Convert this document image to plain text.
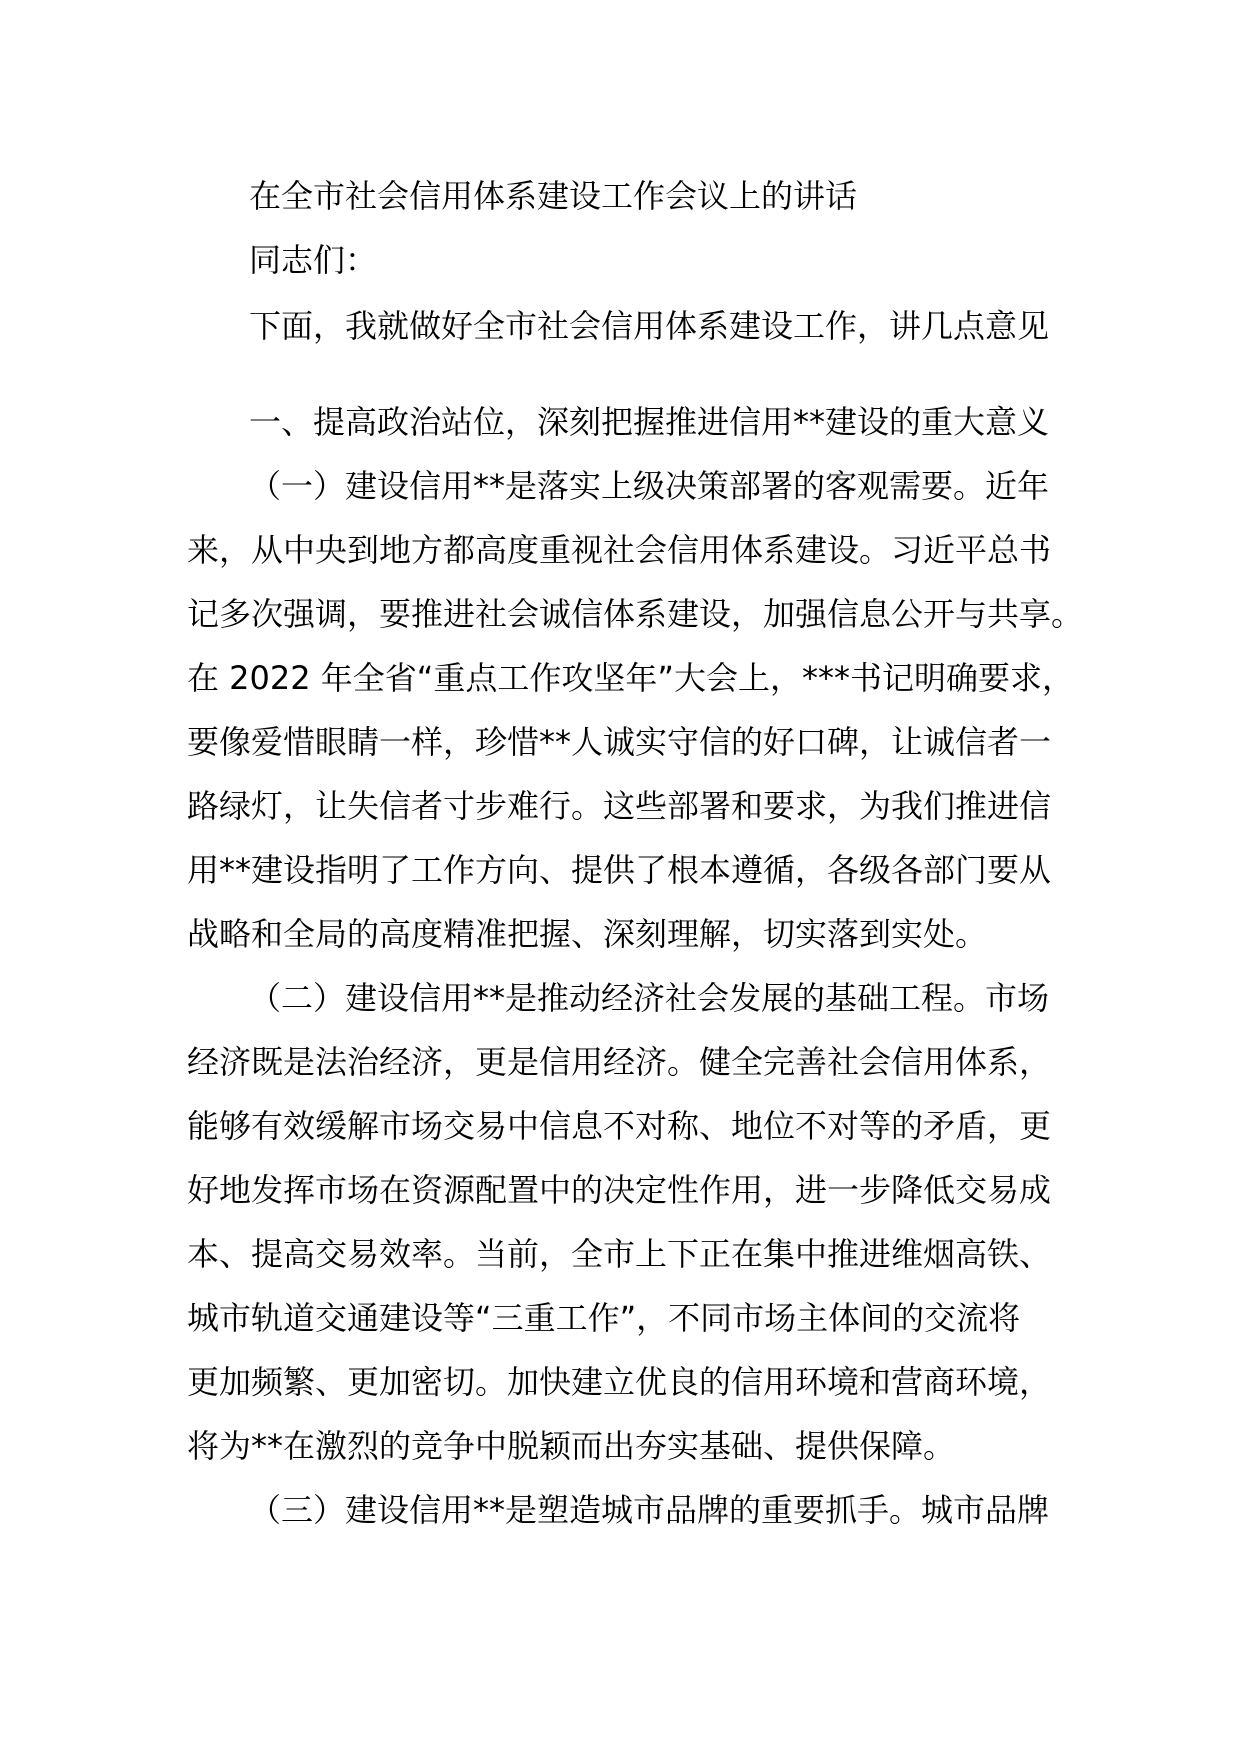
在全市社会信用体系建设工作会议上的讲话
同志们：
下面，我就做好全市社会信用体系建设工作，讲几点意见
一、提高政治站位，深刻把握推进信用**建设的重大意义
（一）建设信用**是落实上级决策部署的客观需要。近年
来，从中央到地方都高度重视社会信用体系建设。习近平总书
记多次强调，要推进社会诚信体系建设，加强信息公开与共享。
在 2022 年全省“重点工作攻坚年”大会上，***书记明确要求，
要像爱惜眼睛一样，珍惜**人诚实守信的好口碑，让诚信者一
路绿灯，让失信者寸步难行。这些部署和要求，为我们推进信
用**建设指明了工作方向、提供了根本遵循，各级各部门要从
战略和全局的高度精准把握、深刻理解，切实落到实处。
（二）建设信用**是推动经济社会发展的基础工程。市场
经济既是法治经济，更是信用经济。健全完善社会信用体系，
能够有效缓解市场交易中信息不对称、地位不对等的矛盾，更
好地发挥市场在资源配置中的决定性作用，进一步降低交易成
本、提高交易效率。当前，全市上下正在集中推进维烟高铁、
城市轨道交通建设等“三重工作”，不同市场主体间的交流将
更加频繁、更加密切。加快建立优良的信用环境和营商环境，
将为**在激烈的竞争中脱颖而出夯实基础、提供保障。
（三）建设信用**是塑造城市品牌的重要抓手。城市品牌
